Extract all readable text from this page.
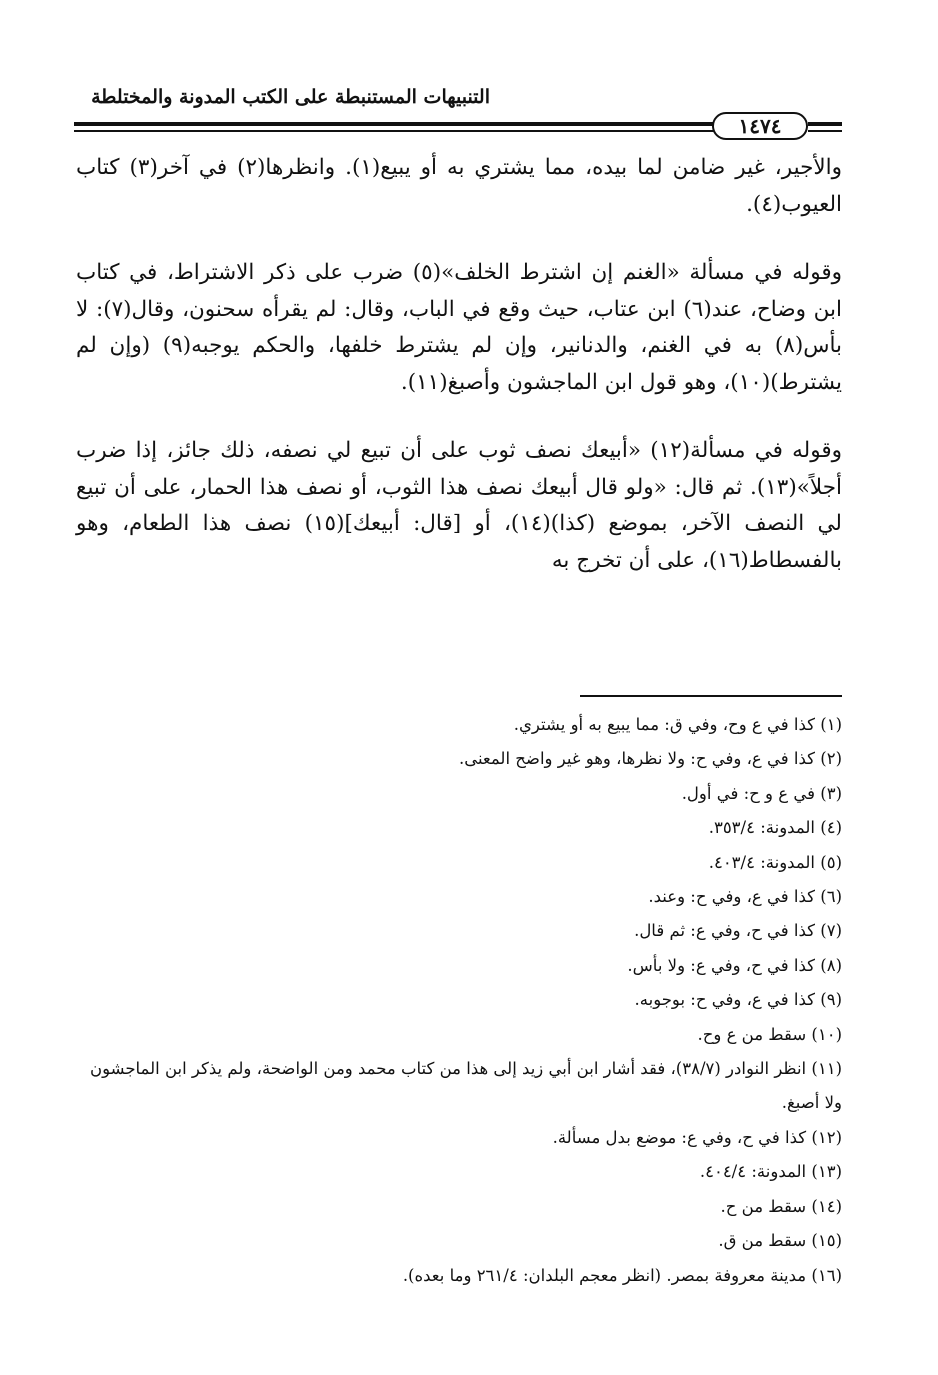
التنبيهات المستنبطة على الكتب المدونة والمختلطة
١٤٧٤

والأجير، غير ضامن لما بيده، مما يشتري به أو يبيع(١). وانظرها(٢) في آخر(٣) كتاب العيوب(٤).

وقوله في مسألة «الغنم إن اشترط الخلف»(٥) ضرب على ذكر الاشتراط، في كتاب ابن وضاح، عند(٦) ابن عتاب، حيث وقع في الباب، وقال: لم يقرأه سحنون، وقال(٧): لا بأس(٨) به في الغنم، والدنانير، وإن لم يشترط خلفها، والحكم يوجبه(٩) (وإن لم يشترط)(١٠)، وهو قول ابن الماجشون وأصبغ(١١).

وقوله في مسألة(١٢) «أبيعك نصف ثوب على أن تبيع لي نصفه، ذلك جائز، إذا ضرب أجلاً»(١٣). ثم قال: «ولو قال أبيعك نصف هذا الثوب، أو نصف هذا الحمار، على أن تبيع لي النصف الآخر، بموضع (كذا)(١٤)، أو [قال: أبيعك](١٥) نصف هذا الطعام، وهو بالفسطاط(١٦)، على أن تخرج به

(١) كذا في ع وح، وفي ق: مما يبيع به أو يشتري.
(٢) كذا في ع، وفي ح: ولا نظرها، وهو غير واضح المعنى.
(٣) في ع و ح: في أول.
(٤) المدونة: ٣٥٣/٤.
(٥) المدونة: ٤٠٣/٤.
(٦) كذا في ع، وفي ح: وعند.
(٧) كذا في ح، وفي ع: ثم قال.
(٨) كذا في ح، وفي ع: ولا بأس.
(٩) كذا في ع، وفي ح: بوجوبه.
(١٠) سقط من ع وح.
(١١) انظر النوادر (٣٨/٧)، فقد أشار ابن أبي زيد إلى هذا من كتاب محمد ومن الواضحة، ولم يذكر ابن الماجشون ولا أصبغ.
(١٢) كذا في ح، وفي ع: موضع بدل مسألة.
(١٣) المدونة: ٤٠٤/٤.
(١٤) سقط من ح.
(١٥) سقط من ق.
(١٦) مدينة معروفة بمصر. (انظر معجم البلدان: ٢٦١/٤ وما بعده).
